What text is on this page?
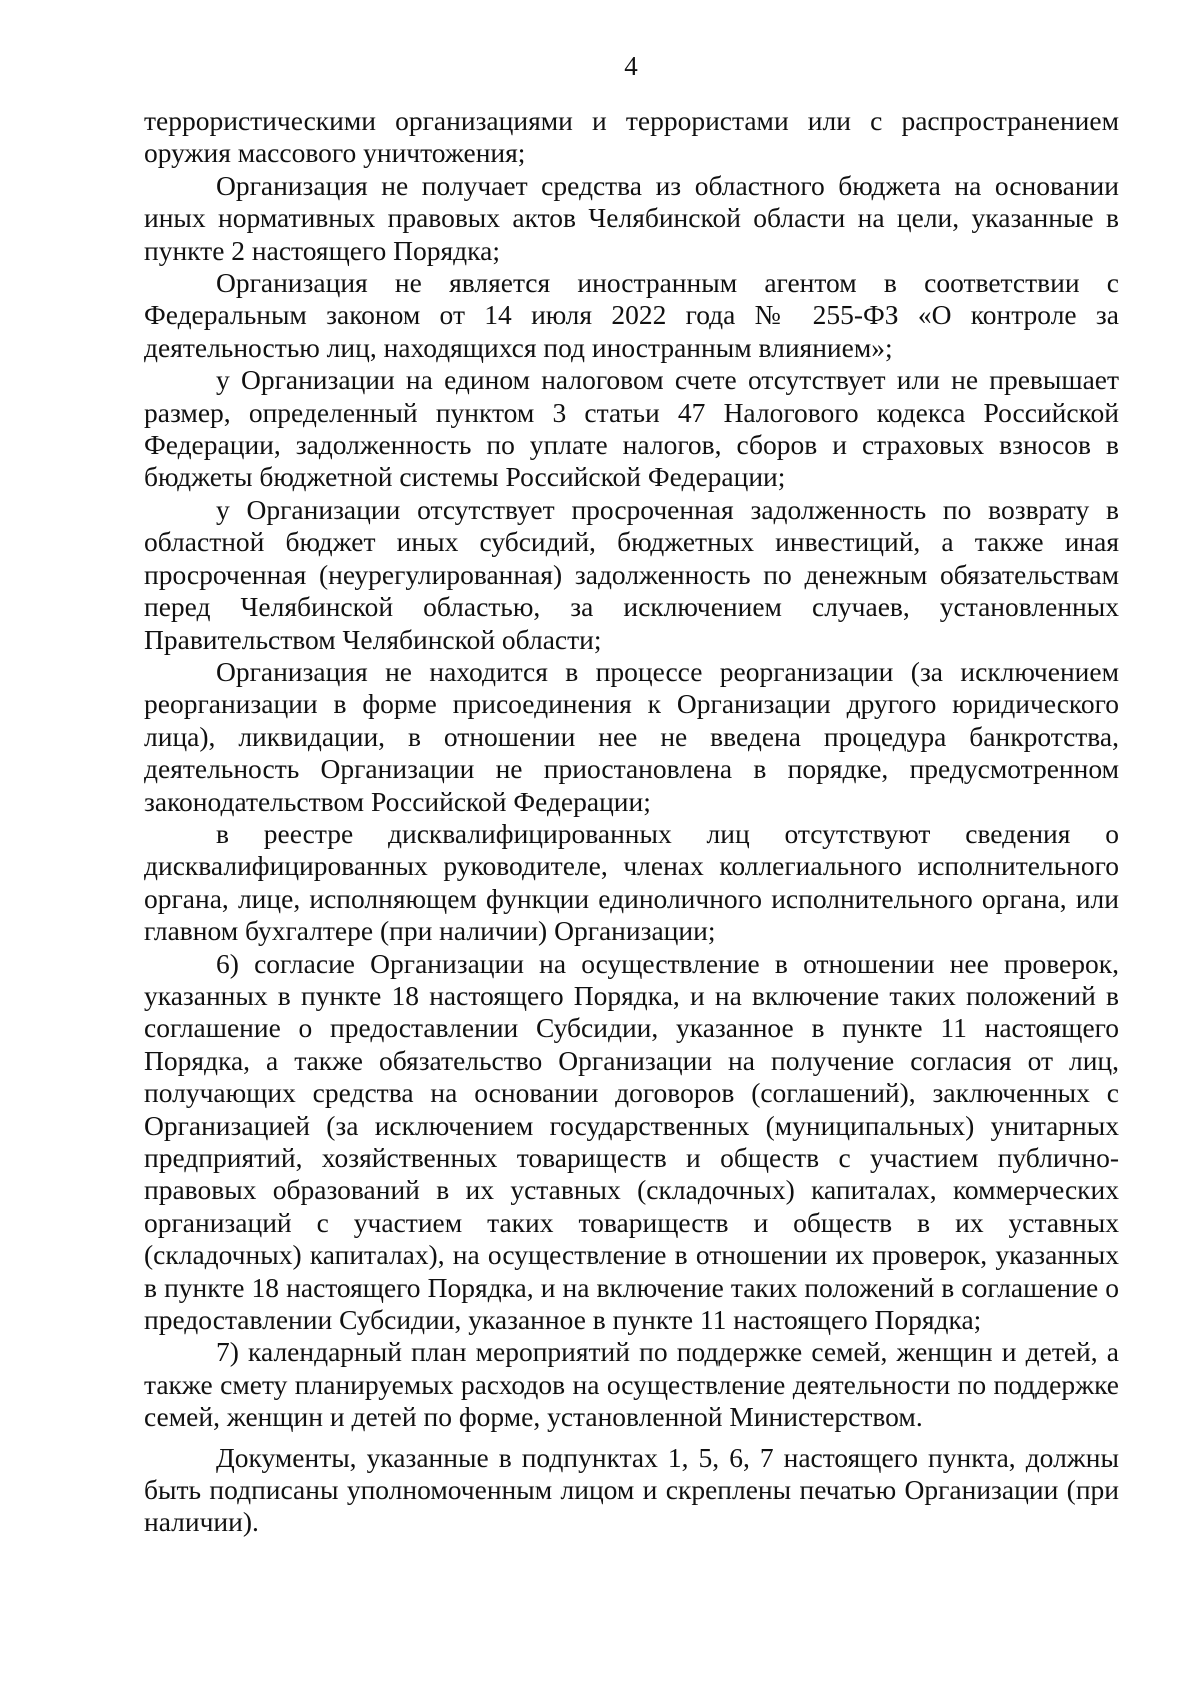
4

террористическими организациями и террористами или с распространением оружия массового уничтожения;

Организация не получает средства из областного бюджета на основании иных нормативных правовых актов Челябинской области на цели, указанные в пункте 2 настоящего Порядка;

Организация не является иностранным агентом в соответствии с Федеральным законом от 14 июля 2022 года № 255-ФЗ «О контроле за деятельностью лиц, находящихся под иностранным влиянием»;

у Организации на едином налоговом счете отсутствует или не превышает размер, определенный пунктом 3 статьи 47 Налогового кодекса Российской Федерации, задолженность по уплате налогов, сборов и страховых взносов в бюджеты бюджетной системы Российской Федерации;

у Организации отсутствует просроченная задолженность по возврату в областной бюджет иных субсидий, бюджетных инвестиций, а также иная просроченная (неурегулированная) задолженность по денежным обязательствам перед Челябинской областью, за исключением случаев, установленных Правительством Челябинской области;

Организация не находится в процессе реорганизации (за исключением реорганизации в форме присоединения к Организации другого юридического лица), ликвидации, в отношении нее не введена процедура банкротства, деятельность Организации не приостановлена в порядке, предусмотренном законодательством Российской Федерации;

в реестре дисквалифицированных лиц отсутствуют сведения о дисквалифицированных руководителе, членах коллегиального исполнительного органа, лице, исполняющем функции единоличного исполнительного органа, или главном бухгалтере (при наличии) Организации;

6) согласие Организации на осуществление в отношении нее проверок, указанных в пункте 18 настоящего Порядка, и на включение таких положений в соглашение о предоставлении Субсидии, указанное в пункте 11 настоящего Порядка, а также обязательство Организации на получение согласия от лиц, получающих средства на основании договоров (соглашений), заключенных с Организацией (за исключением государственных (муниципальных) унитарных предприятий, хозяйственных товариществ и обществ с участием публично-правовых образований в их уставных (складочных) капиталах, коммерческих организаций с участием таких товариществ и обществ в их уставных (складочных) капиталах), на осуществление в отношении их проверок, указанных в пункте 18 настоящего Порядка, и на включение таких положений в соглашение о предоставлении Субсидии, указанное в пункте 11 настоящего Порядка;

7) календарный план мероприятий по поддержке семей, женщин и детей, а также смету планируемых расходов на осуществление деятельности по поддержке семей, женщин и детей по форме, установленной Министерством.

Документы, указанные в подпунктах 1, 5, 6, 7 настоящего пункта, должны быть подписаны уполномоченным лицом и скреплены печатью Организации (при наличии).
